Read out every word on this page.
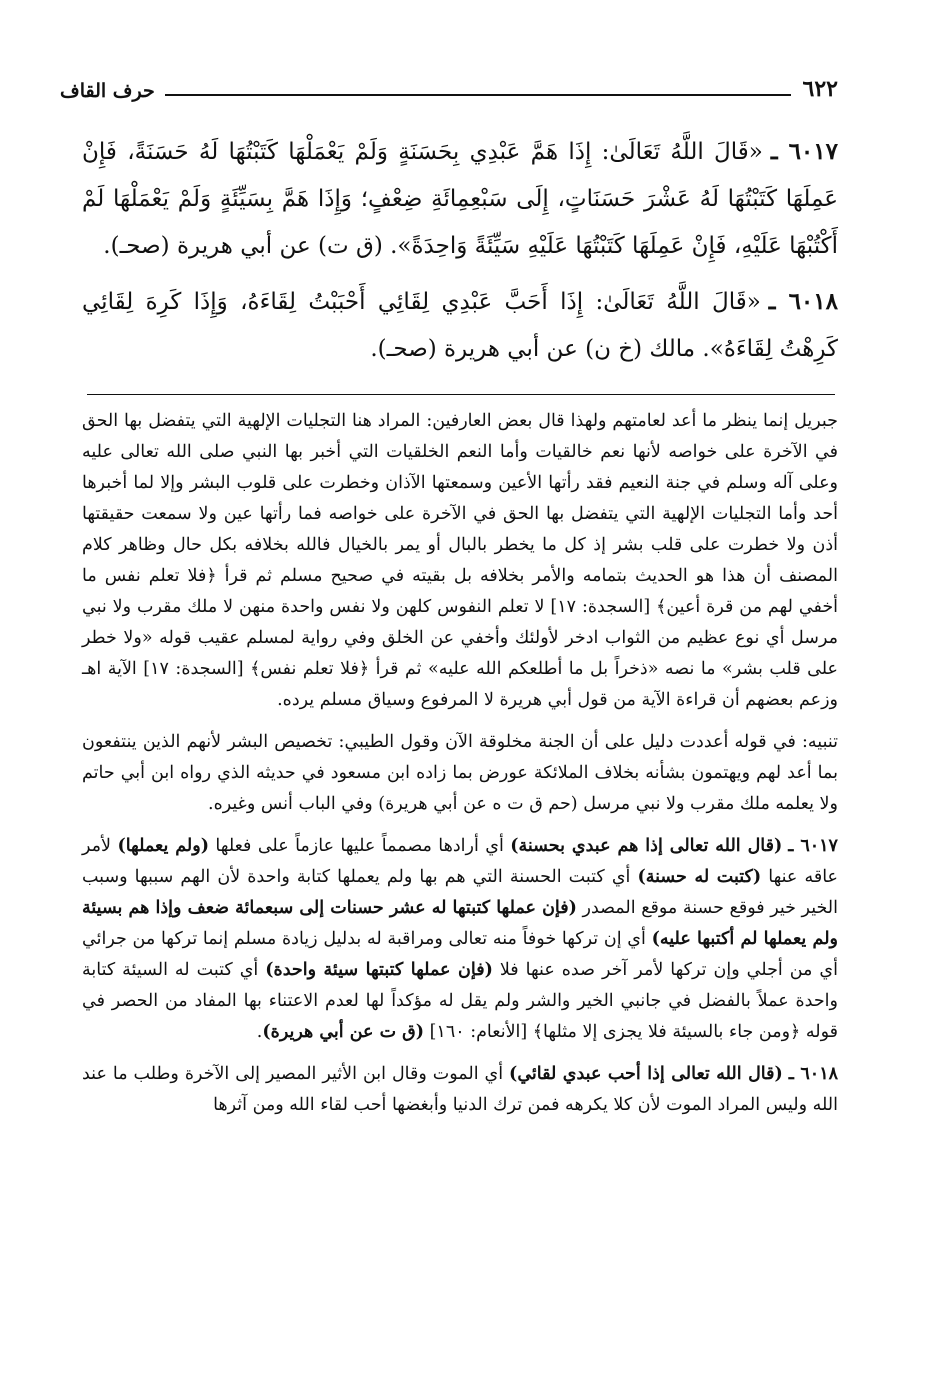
٦٢٢
حرف القاف

٦٠١٧ ـ«قَالَ اللَّهُ تَعَالَىٰ: إِذَا هَمَّ عَبْدِي بِحَسَنَةٍ وَلَمْ يَعْمَلْهَا كَتَبْتُهَا لَهُ حَسَنَةً، فَإِنْ عَمِلَهَا كَتَبْتُهَا لَهُ عَشْرَ حَسَنَاتٍ، إِلَى سَبْعِمِائَةِ ضِعْفٍ؛ وَإِذَا هَمَّ بِسَيِّئَةٍ وَلَمْ يَعْمَلْهَا لَمْ أَكْتُبْهَا عَلَيْهِ، فَإِنْ عَمِلَهَا كَتَبْتُهَا عَلَيْهِ سَيِّئَةً وَاحِدَةً». (ق ت) عن أبي هريرة (صحـ).

٦٠١٨ ـ«قَالَ اللَّهُ تَعَالَىٰ: إِذَا أَحَبَّ عَبْدِي لِقَائِي أَحْبَبْتُ لِقَاءَهُ، وَإِذَا كَرِهَ لِقَائِي كَرِهْتُ لِقَاءَهُ». مالك (خ ن) عن أبي هريرة (صحـ).

جبريل إنما ينظر ما أعد لعامتهم ولهذا قال بعض العارفين: المراد هنا التجليات الإلهية التي يتفضل بها الحق في الآخرة على خواصه لأنها نعم خالقيات وأما النعم الخلقيات التي أخبر بها النبي صلى الله تعالى عليه وعلى آله وسلم في جنة النعيم فقد رأتها الأعين وسمعتها الآذان وخطرت على قلوب البشر وإلا لما أخبرها أحد وأما التجليات الإلهية التي يتفضل بها الحق في الآخرة على خواصه فما رأتها عين ولا سمعت حقيقتها أذن ولا خطرت على قلب بشر إذ كل ما يخطر بالبال أو يمر بالخيال فالله بخلافه بكل حال وظاهر كلام المصنف أن هذا هو الحديث بتمامه والأمر بخلافه بل بقيته في صحيح مسلم ثم قرأ ﴿فلا تعلم نفس ما أخفي لهم من قرة أعين﴾ [السجدة: ١٧] لا تعلم النفوس كلهن ولا نفس واحدة منهن لا ملك مقرب ولا نبي مرسل أي نوع عظيم من الثواب ادخر لأولئك وأخفي عن الخلق وفي رواية لمسلم عقيب قوله «ولا خطر على قلب بشر» ما نصه «ذخراً بل ما أطلعكم الله عليه» ثم قرأ ﴿فلا تعلم نفس﴾ [السجدة: ١٧] الآية اهـ وزعم بعضهم أن قراءة الآية من قول أبي هريرة لا المرفوع وسياق مسلم يرده.

تنبيه: في قوله أعددت دليل على أن الجنة مخلوقة الآن وقول الطيبي: تخصيص البشر لأنهم الذين ينتفعون بما أعد لهم ويهتمون بشأنه بخلاف الملائكة عورض بما زاده ابن مسعود في حديثه الذي رواه ابن أبي حاتم ولا يعلمه ملك مقرب ولا نبي مرسل (حم ق ت ه عن أبي هريرة) وفي الباب أنس وغيره.

٦٠١٧ ـ(قال الله تعالى إذا هم عبدي بحسنة) أي أرادها مصمماً عليها عازماً على فعلها (ولم يعملها) لأمر عاقه عنها (كتبت له حسنة) أي كتبت الحسنة التي هم بها ولم يعملها كتابة واحدة لأن الهم سببها وسبب الخير خير فوقع حسنة موقع المصدر (فإن عملها كتبتها له عشر حسنات إلى سبعمائة ضعف وإذا هم بسيئة ولم يعملها لم أكتبها عليه) أي إن تركها خوفاً منه تعالى ومراقبة له بدليل زيادة مسلم إنما تركها من جرائي أي من أجلي وإن تركها لأمر آخر صده عنها فلا (فإن عملها كتبتها سيئة واحدة) أي كتبت له السيئة كتابة واحدة عملاً بالفضل في جانبي الخير والشر ولم يقل له مؤكداً لها لعدم الاعتناء بها المفاد من الحصر في قوله ﴿ومن جاء بالسيئة فلا يجزى إلا مثلها﴾ [الأنعام: ١٦٠] (ق ت عن أبي هريرة).

٦٠١٨ ـ(قال الله تعالى إذا أحب عبدي لقائي) أي الموت وقال ابن الأثير المصير إلى الآخرة وطلب ما عند الله وليس المراد الموت لأن كلا يكرهه فمن ترك الدنيا وأبغضها أحب لقاء الله ومن آثرها
